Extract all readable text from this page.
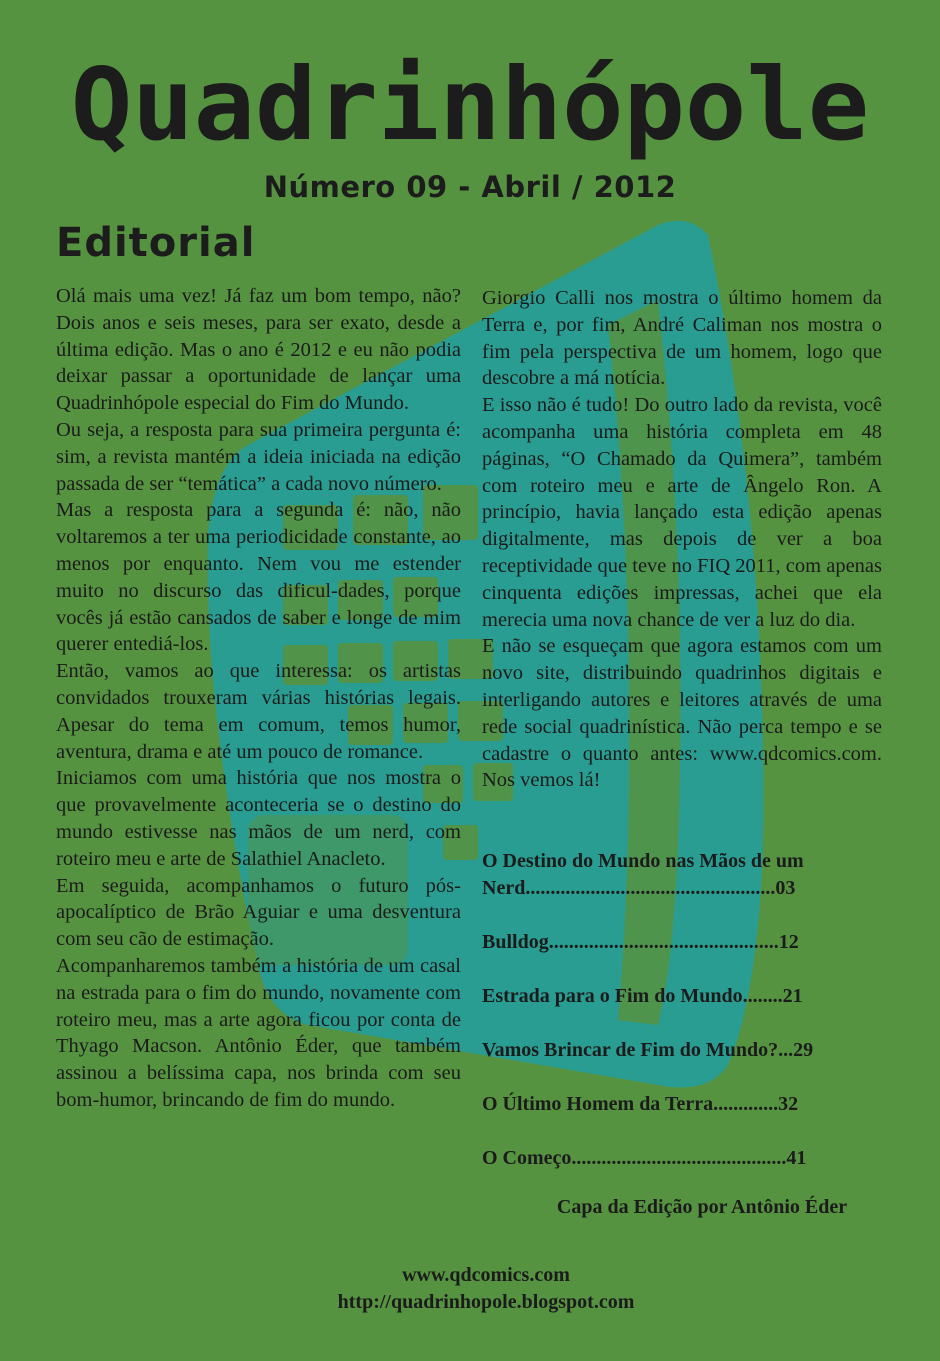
Quadrinhópole
Número 09 - Abril / 2012
Editorial

Olá mais uma vez! Já faz um bom tempo, não? Dois anos e seis meses, para ser exato, desde a última edição. Mas o ano é 2012 e eu não podia deixar passar a oportunidade de lançar uma Quadrinhópole especial do Fim do Mundo.

Ou seja, a resposta para sua primeira pergunta é: sim, a revista mantém a ideia iniciada na edição passada de ser “temática” a cada novo número.

Mas a resposta para a segunda é: não, não voltaremos a ter uma periodicidade constante, ao menos por enquanto. Nem vou me estender muito no discurso das dificul-dades, porque vocês já estão cansados de saber e longe de mim querer entediá-los.

Então, vamos ao que interessa: os artistas convidados trouxeram várias histórias legais. Apesar do tema em comum, temos humor, aventura, drama e até um pouco de romance.

Iniciamos com uma história que nos mostra o que provavelmente aconteceria se o destino do mundo estivesse nas mãos de um nerd, com roteiro meu e arte de Salathiel Anacleto.

Em seguida, acompanhamos o futuro pós-apocalíptico de Brão Aguiar e uma desventura com seu cão de estimação.

Acompanharemos também a história de um casal na estrada para o fim do mundo, novamente com roteiro meu, mas a arte agora ficou por conta de Thyago Macson. Antônio Éder, que também assinou a belíssima capa, nos brinda com seu bom-humor, brincando de fim do mundo.

Giorgio Calli nos mostra o último homem da Terra e, por fim, André Caliman nos mostra o fim pela perspectiva de um homem, logo que descobre a má notícia.

E isso não é tudo! Do outro lado da revista, você acompanha uma história completa em 48 páginas, “O Chamado da Quimera”, também com roteiro meu e arte de Ângelo Ron. A princípio, havia lançado esta edição apenas digitalmente, mas depois de ver a boa receptividade que teve no FIQ 2011, com apenas cinquenta edições impressas, achei que ela merecia uma nova chance de ver a luz do dia.

E não se esqueçam que agora estamos com um novo site, distribuindo quadrinhos digitais e interligando autores e leitores através de uma rede social quadrinística. Não perca tempo e se cadastre o quanto antes: www.qdcomics.com. Nos vemos lá!

O Destino do Mundo nas Mãos de um

Nerd..................................................03

Bulldog..............................................12

Estrada para o Fim do Mundo........21

Vamos Brincar de Fim do Mundo?...29

O Último Homem da Terra.............32

O Começo...........................................41

Capa da Edição por Antônio Éder
www.qdcomics.com
http://quadrinhopole.blogspot.com
